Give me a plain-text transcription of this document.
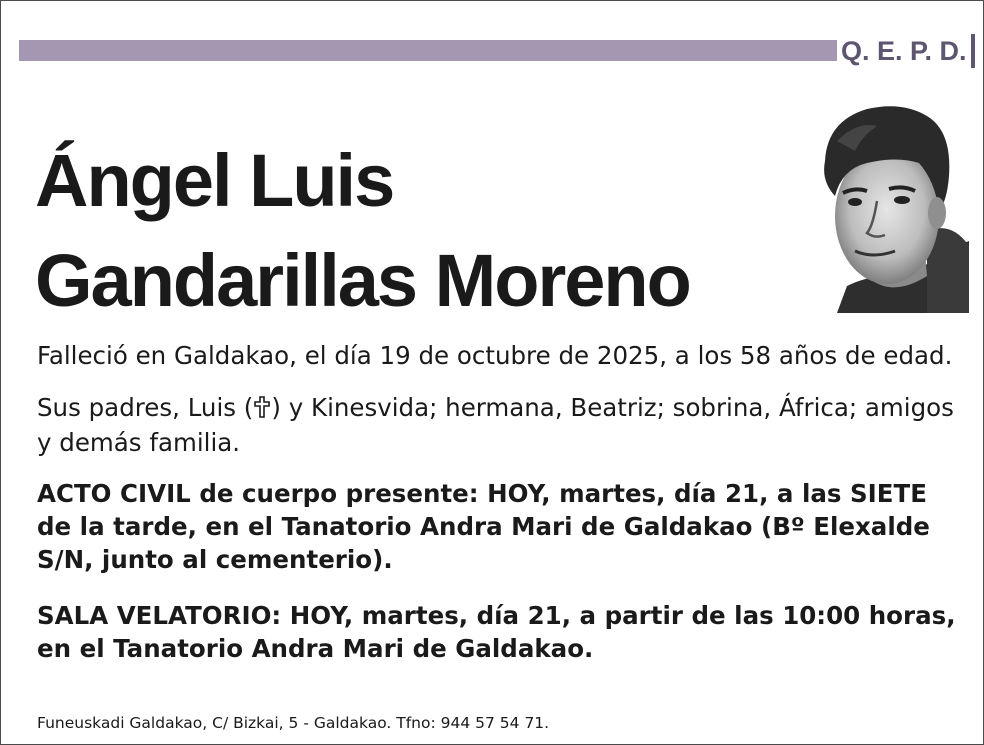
Q. E. P. D.
Ángel Luis
Gandarillas Moreno
Falleció en Galdakao, el día 19 de octubre de 2025, a los 58 años de edad.
Sus padres, Luis ( ) y Kinesvida; hermana, Beatriz; sobrina, África; amigos y demás familia.
ACTO CIVIL de cuerpo presente: HOY, martes, día 21, a las SIETE de la tarde, en el Tanatorio Andra Mari de Galdakao (Bº Elexalde S/N, junto al cementerio).
SALA VELATORIO: HOY, martes, día 21, a partir de las 10:00 horas, en el Tanatorio Andra Mari de Galdakao.
Funeuskadi Galdakao, C/ Bizkai, 5 - Galdakao. Tfno: 944 57 54 71.
